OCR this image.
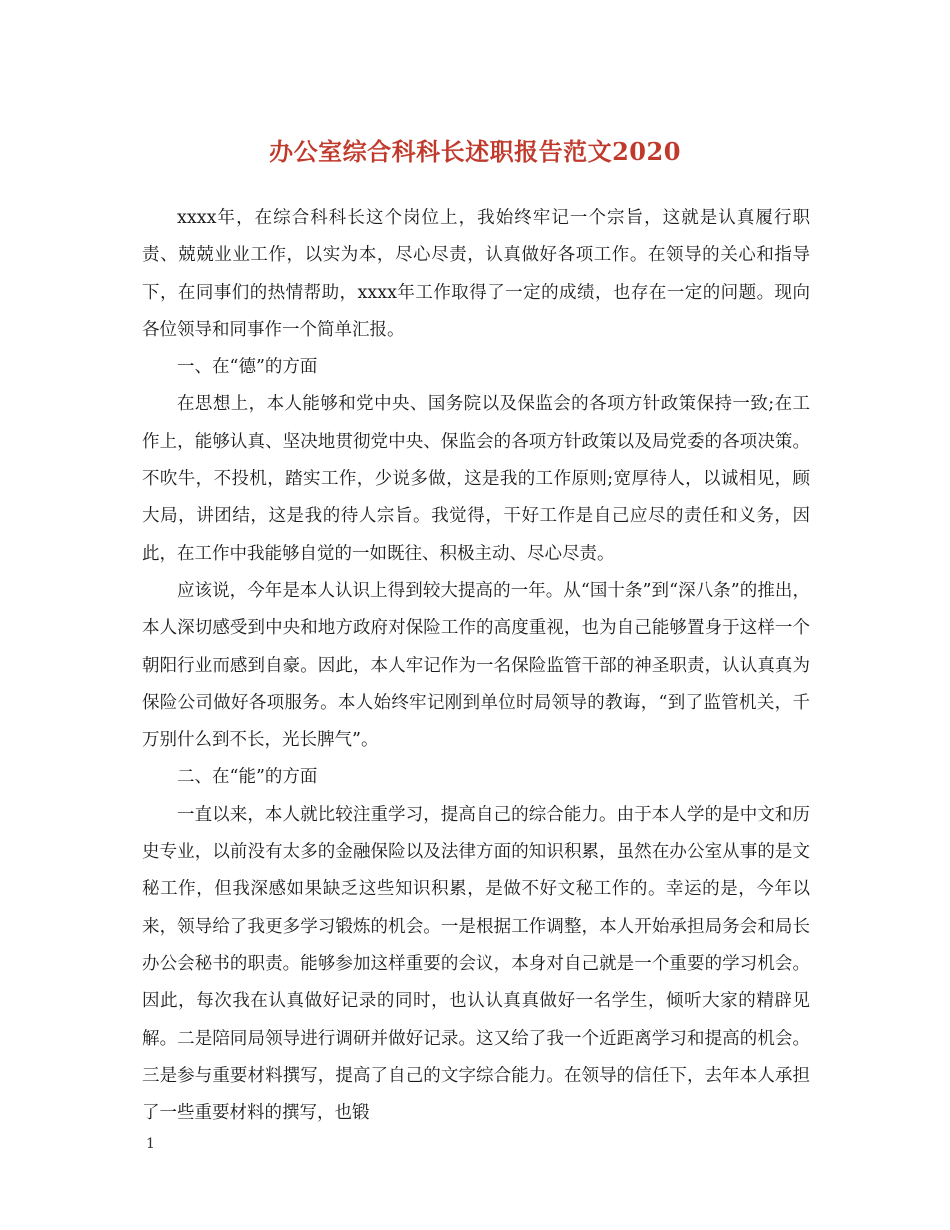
办公室综合科科长述职报告范文2020

xxxx年，在综合科科长这个岗位上，我始终牢记一个宗旨，这就是认真履行职责、兢兢业业工作，以实为本，尽心尽责，认真做好各项工作。在领导的关心和指导下，在同事们的热情帮助，xxxx年工作取得了一定的成绩，也存在一定的问题。现向各位领导和同事作一个简单汇报。

一、在“德”的方面

在思想上，本人能够和党中央、国务院以及保监会的各项方针政策保持一致;在工作上，能够认真、坚决地贯彻党中央、保监会的各项方针政策以及局党委的各项决策。不吹牛，不投机，踏实工作，少说多做，这是我的工作原则;宽厚待人，以诚相见，顾大局，讲团结，这是我的待人宗旨。我觉得，干好工作是自己应尽的责任和义务，因此，在工作中我能够自觉的一如既往、积极主动、尽心尽责。

应该说，今年是本人认识上得到较大提高的一年。从“国十条”到“深八条”的推出，本人深切感受到中央和地方政府对保险工作的高度重视，也为自己能够置身于这样一个朝阳行业而感到自豪。因此，本人牢记作为一名保险监管干部的神圣职责，认认真真为保险公司做好各项服务。本人始终牢记刚到单位时局领导的教诲，“到了监管机关，千万别什么到不长，光长脾气”。

二、在“能”的方面

一直以来，本人就比较注重学习，提高自己的综合能力。由于本人学的是中文和历史专业，以前没有太多的金融保险以及法律方面的知识积累，虽然在办公室从事的是文秘工作，但我深感如果缺乏这些知识积累，是做不好文秘工作的。幸运的是，今年以来，领导给了我更多学习锻炼的机会。一是根据工作调整，本人开始承担局务会和局长办公会秘书的职责。能够参加这样重要的会议，本身对自己就是一个重要的学习机会。因此，每次我在认真做好记录的同时，也认认真真做好一名学生，倾听大家的精辟见解。二是陪同局领导进行调研并做好记录。这又给了我一个近距离学习和提高的机会。三是参与重要材料撰写，提高了自己的文字综合能力。在领导的信任下，去年本人承担了一些重要材料的撰写，也锻

1
